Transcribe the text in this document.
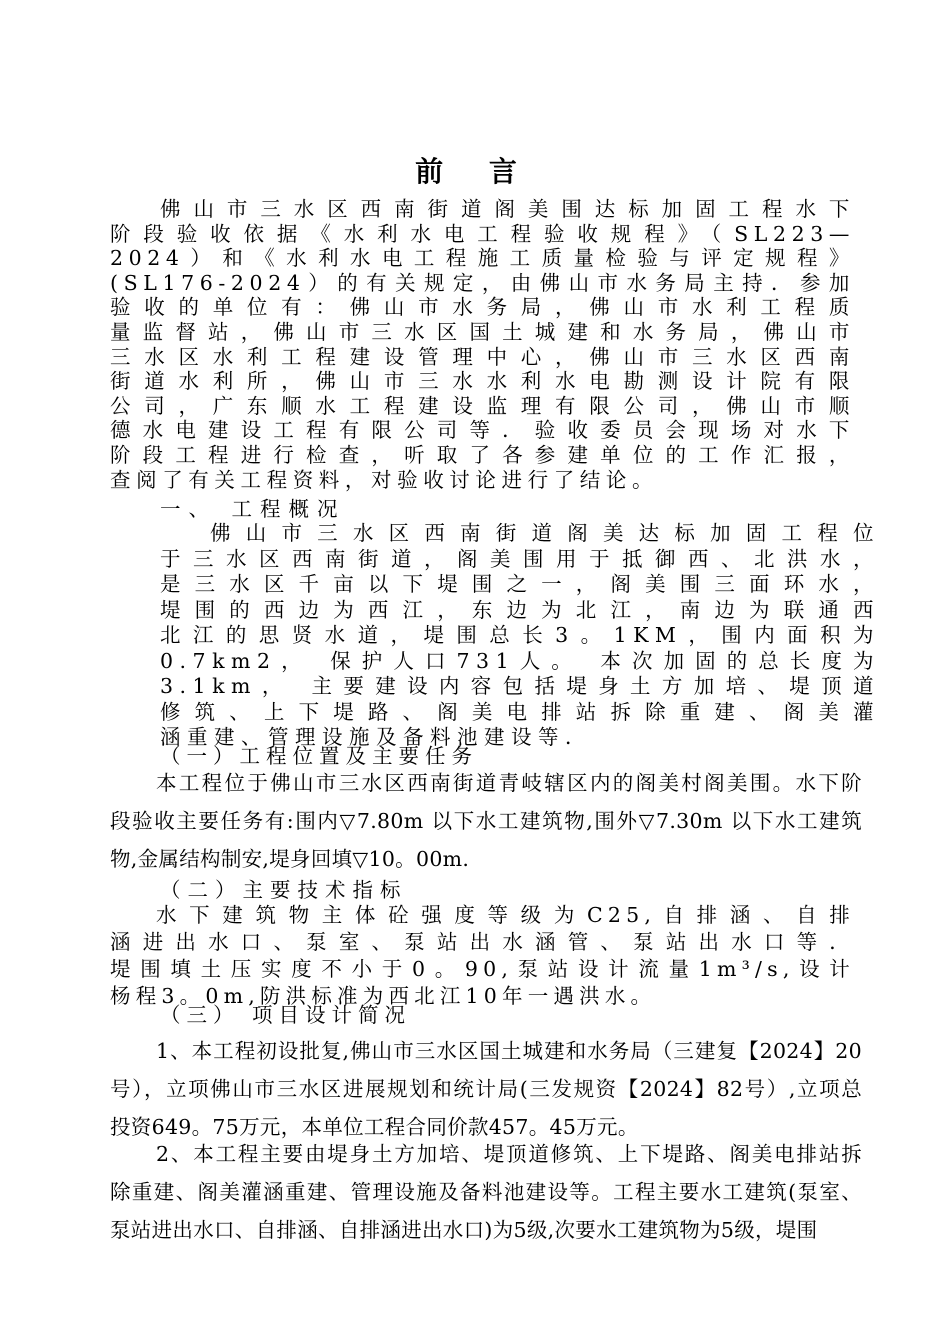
前 言
佛山市三水区西南街道阁美围达标加固工程水下
阶段验收依据《水利水电工程验收规程》（SL223—
2024）和《水利水电工程施工质量检验与评定规程》
(SL176-2024）的有关规定，由佛山市水务局主持．参加
验收的单位有：佛山市水务局，佛山市水利工程质
量监督站，佛山市三水区国土城建和水务局，佛山市
三水区水利工程建设管理中心，佛山市三水区西南
街道水利所，佛山市三水水利水电勘测设计院有限
公司，广东顺水工程建设监理有限公司，佛山市顺
德水电建设工程有限公司等．验收委员会现场对水下
阶段工程进行检查，听取了各参建单位的工作汇报，
查阅了有关工程资料，对验收讨论进行了结论。
一、 工程概况
佛山市三水区西南街道阁美达标加固工程位
于三水区西南街道，阁美围用于抵御西、北洪水，
是三水区千亩以下堤围之一，阁美围三面环水，
堤围的西边为西江，东边为北江，南边为联通西
北江的思贤水道，堤围总长3。1KM，围内面积为
0.7km2， 保护人口731人。 本次加固的总长度为
3.1km， 主要建设内容包括堤身土方加培、堤顶道
修筑、上下堤路、阁美电排站拆除重建、阁美灌
涵重建、管理设施及备料池建设等．
（一）工程位置及主要任务
本工程位于佛山市三水区西南街道青岐辖区内的阁美村阁美围。水下阶
段验收主要任务有:围内▽7.80m 以下水工建筑物,围外▽7.30m 以下水工建筑
物,金属结构制安,堤身回填▽10。00m.
（二）主要技术指标
水下建筑物主体砼强度等级为C25,自排涵、自排
涵进出水口、泵室、泵站出水涵管、泵站出水口等．
堤围填土压实度不小于0。90,泵站设计流量1m³/s,设计
杨程3。0m,防洪标准为西北江10年一遇洪水。
（三） 项目设计简况
1、本工程初设批复,佛山市三水区国土城建和水务局（三建复【2024】20
号），立项佛山市三水区进展规划和统计局(三发规资【2024】82号）,立项总
投资649。75万元，本单位工程合同价款457。45万元。
2、本工程主要由堤身土方加培、堤顶道修筑、上下堤路、阁美电排站拆
除重建、阁美灌涵重建、管理设施及备料池建设等。工程主要水工建筑(泵室、
泵站进出水口、自排涵、自排涵进出水口)为5级,次要水工建筑物为5级，堤围
